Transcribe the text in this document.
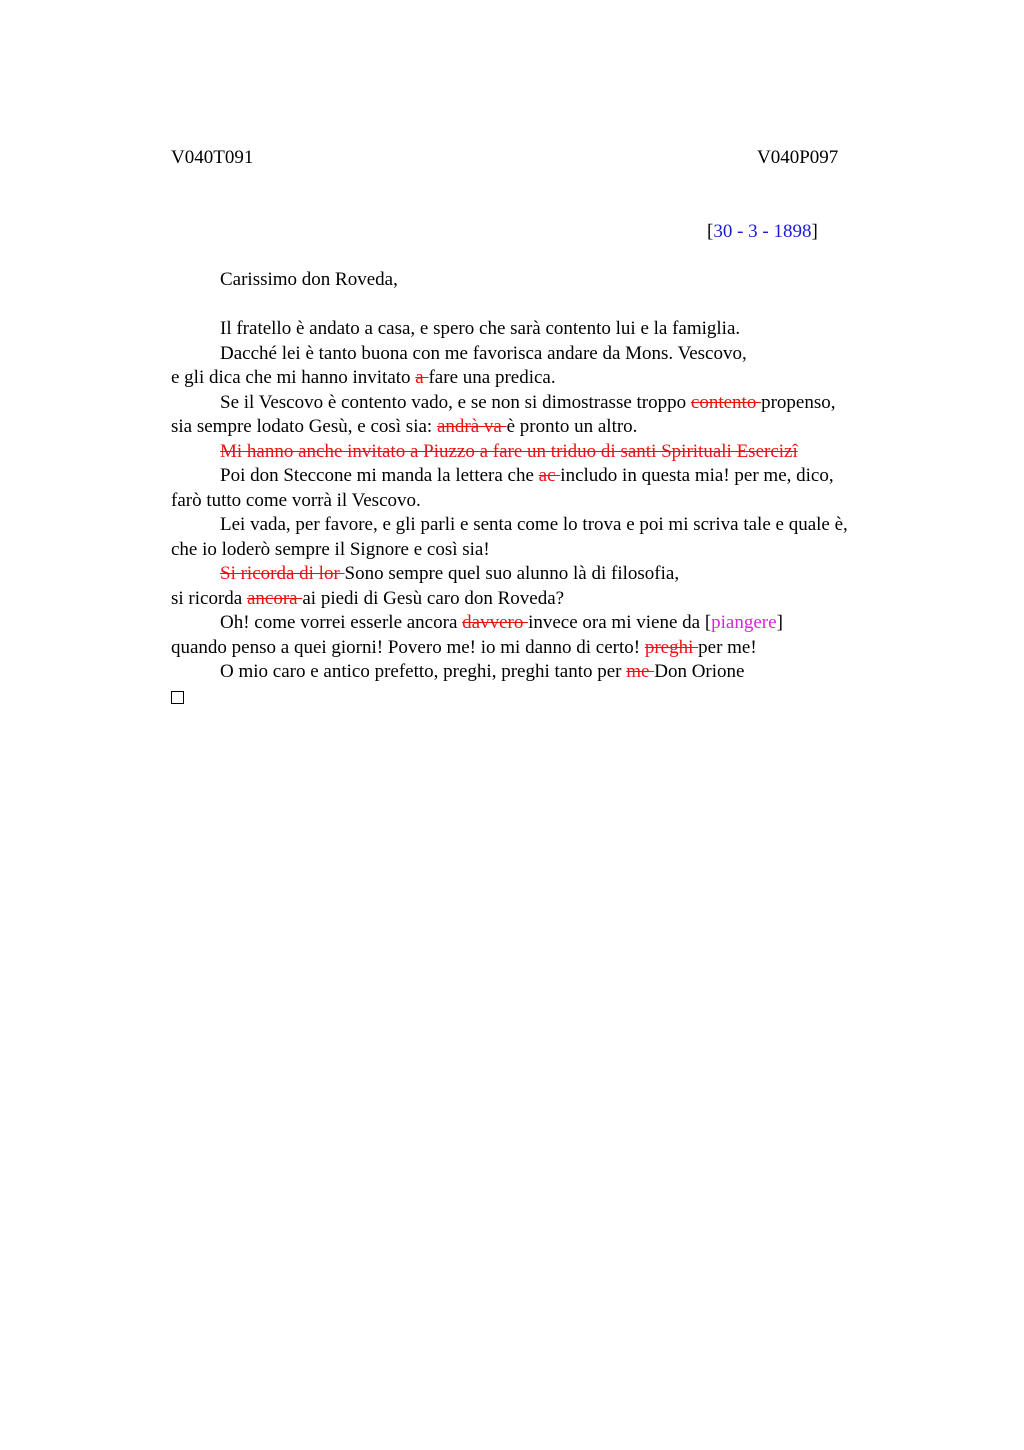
V040T091	V040P097
[30 - 3 - 1898]
Carissimo don Roveda,
Il fratello è andato a casa, e spero che sarà contento lui e la famiglia.
Dacché lei è tanto buona con me favorisca andare da Mons. Vescovo,
e gli dica che mi hanno invitato a fare una predica.
Se il Vescovo è contento vado, e se non si dimostrasse troppo contento propenso,
sia sempre lodato Gesù, e così sia: andrà va è pronto un altro.
Mi hanno anche invitato a Piuzzo a fare un triduo di santi Spirituali Esercizî
Poi don Steccone mi manda la lettera che ac includo in questa mia! per me, dico,
farò tutto come vorrà il Vescovo.
Lei vada, per favore, e gli parli e senta come lo trova e poi mi scriva tale e quale è,
che io loderò sempre il Signore e così sia!
Si ricorda di lor Sono sempre quel suo alunno là di filosofia,
si ricorda ancora ai piedi di Gesù caro don Roveda?
Oh! come vorrei esserle ancora davvero invece ora mi viene da [piangere]
quando penso a quei giorni! Povero me! io mi danno di certo! preghi per me!
O mio caro e antico prefetto, preghi, preghi tanto per me Don Orione
